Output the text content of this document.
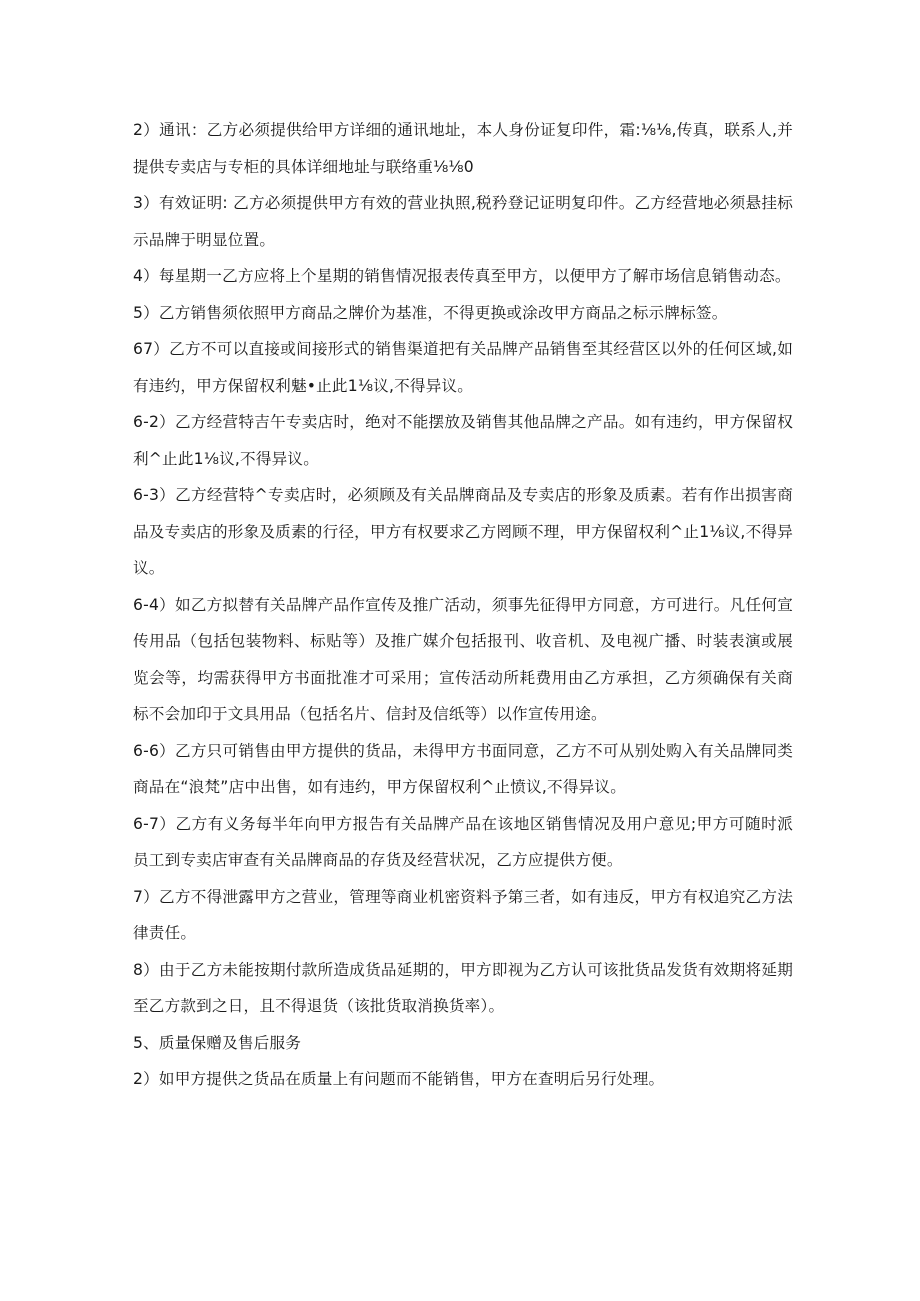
2）通讯：乙方必须提供给甲方详细的通讯地址，本人身份证复印件，霜:⅛⅛,传真，联系人,并提供专卖店与专柜的具体详细地址与联络重⅛⅛0

3）有效证明: 乙方必须提供甲方有效的营业执照,税矜登记证明复印件。乙方经营地必须悬挂标示品牌于明显位置。

4）每星期一乙方应将上个星期的销售情况报表传真至甲方，以便甲方了解市场信息销售动态。

5）乙方销售须依照甲方商品之牌价为基准，不得更换或涂改甲方商品之标示牌标签。

67）乙方不可以直接或间接形式的销售渠道把有关品牌产品销售至其经营区以外的任何区域,如有违约，甲方保留权利魅•止此1⅛议,不得异议。

6-2）乙方经营特吉午专卖店时，绝对不能摆放及销售其他品牌之产品。如有违约，甲方保留权利^止此1⅛议,不得异议。

6-3）乙方经营特^专卖店时，必须顾及有关品牌商品及专卖店的形象及质素。若有作出损害商品及专卖店的形象及质素的行径，甲方有权要求乙方罔顾不理，甲方保留权利^止1⅛议,不得异议。

6-4）如乙方拟替有关品牌产品作宣传及推广活动，须事先征得甲方同意，方可进行。凡任何宣传用品（包括包装物料、标贴等）及推广媒介包括报刊、收音机、及电视广播、时装表演或展览会等，均需获得甲方书面批准才可采用；宣传活动所耗费用由乙方承担，乙方须确保有关商标不会加印于文具用品（包括名片、信封及信纸等）以作宣传用途。

6-6）乙方只可销售由甲方提供的货品，未得甲方书面同意，乙方不可从别处购入有关品牌同类商品在“浪梵”店中出售，如有违约，甲方保留权利^止愤议,不得异议。

6-7）乙方有义务每半年向甲方报告有关品牌产品在该地区销售情况及用户意见;甲方可随时派员工到专卖店审查有关品牌商品的存货及经营状况，乙方应提供方便。

7）乙方不得泄露甲方之营业，管理等商业机密资料予第三者，如有违反，甲方有权追究乙方法律责任。

8）由于乙方未能按期付款所造成货品延期的，甲方即视为乙方认可该批货品发货有效期将延期至乙方款到之日，且不得退货（该批货取消换货率）。

5、质量保赠及售后服务

2）如甲方提供之货品在质量上有问题而不能销售，甲方在查明后另行处理。
